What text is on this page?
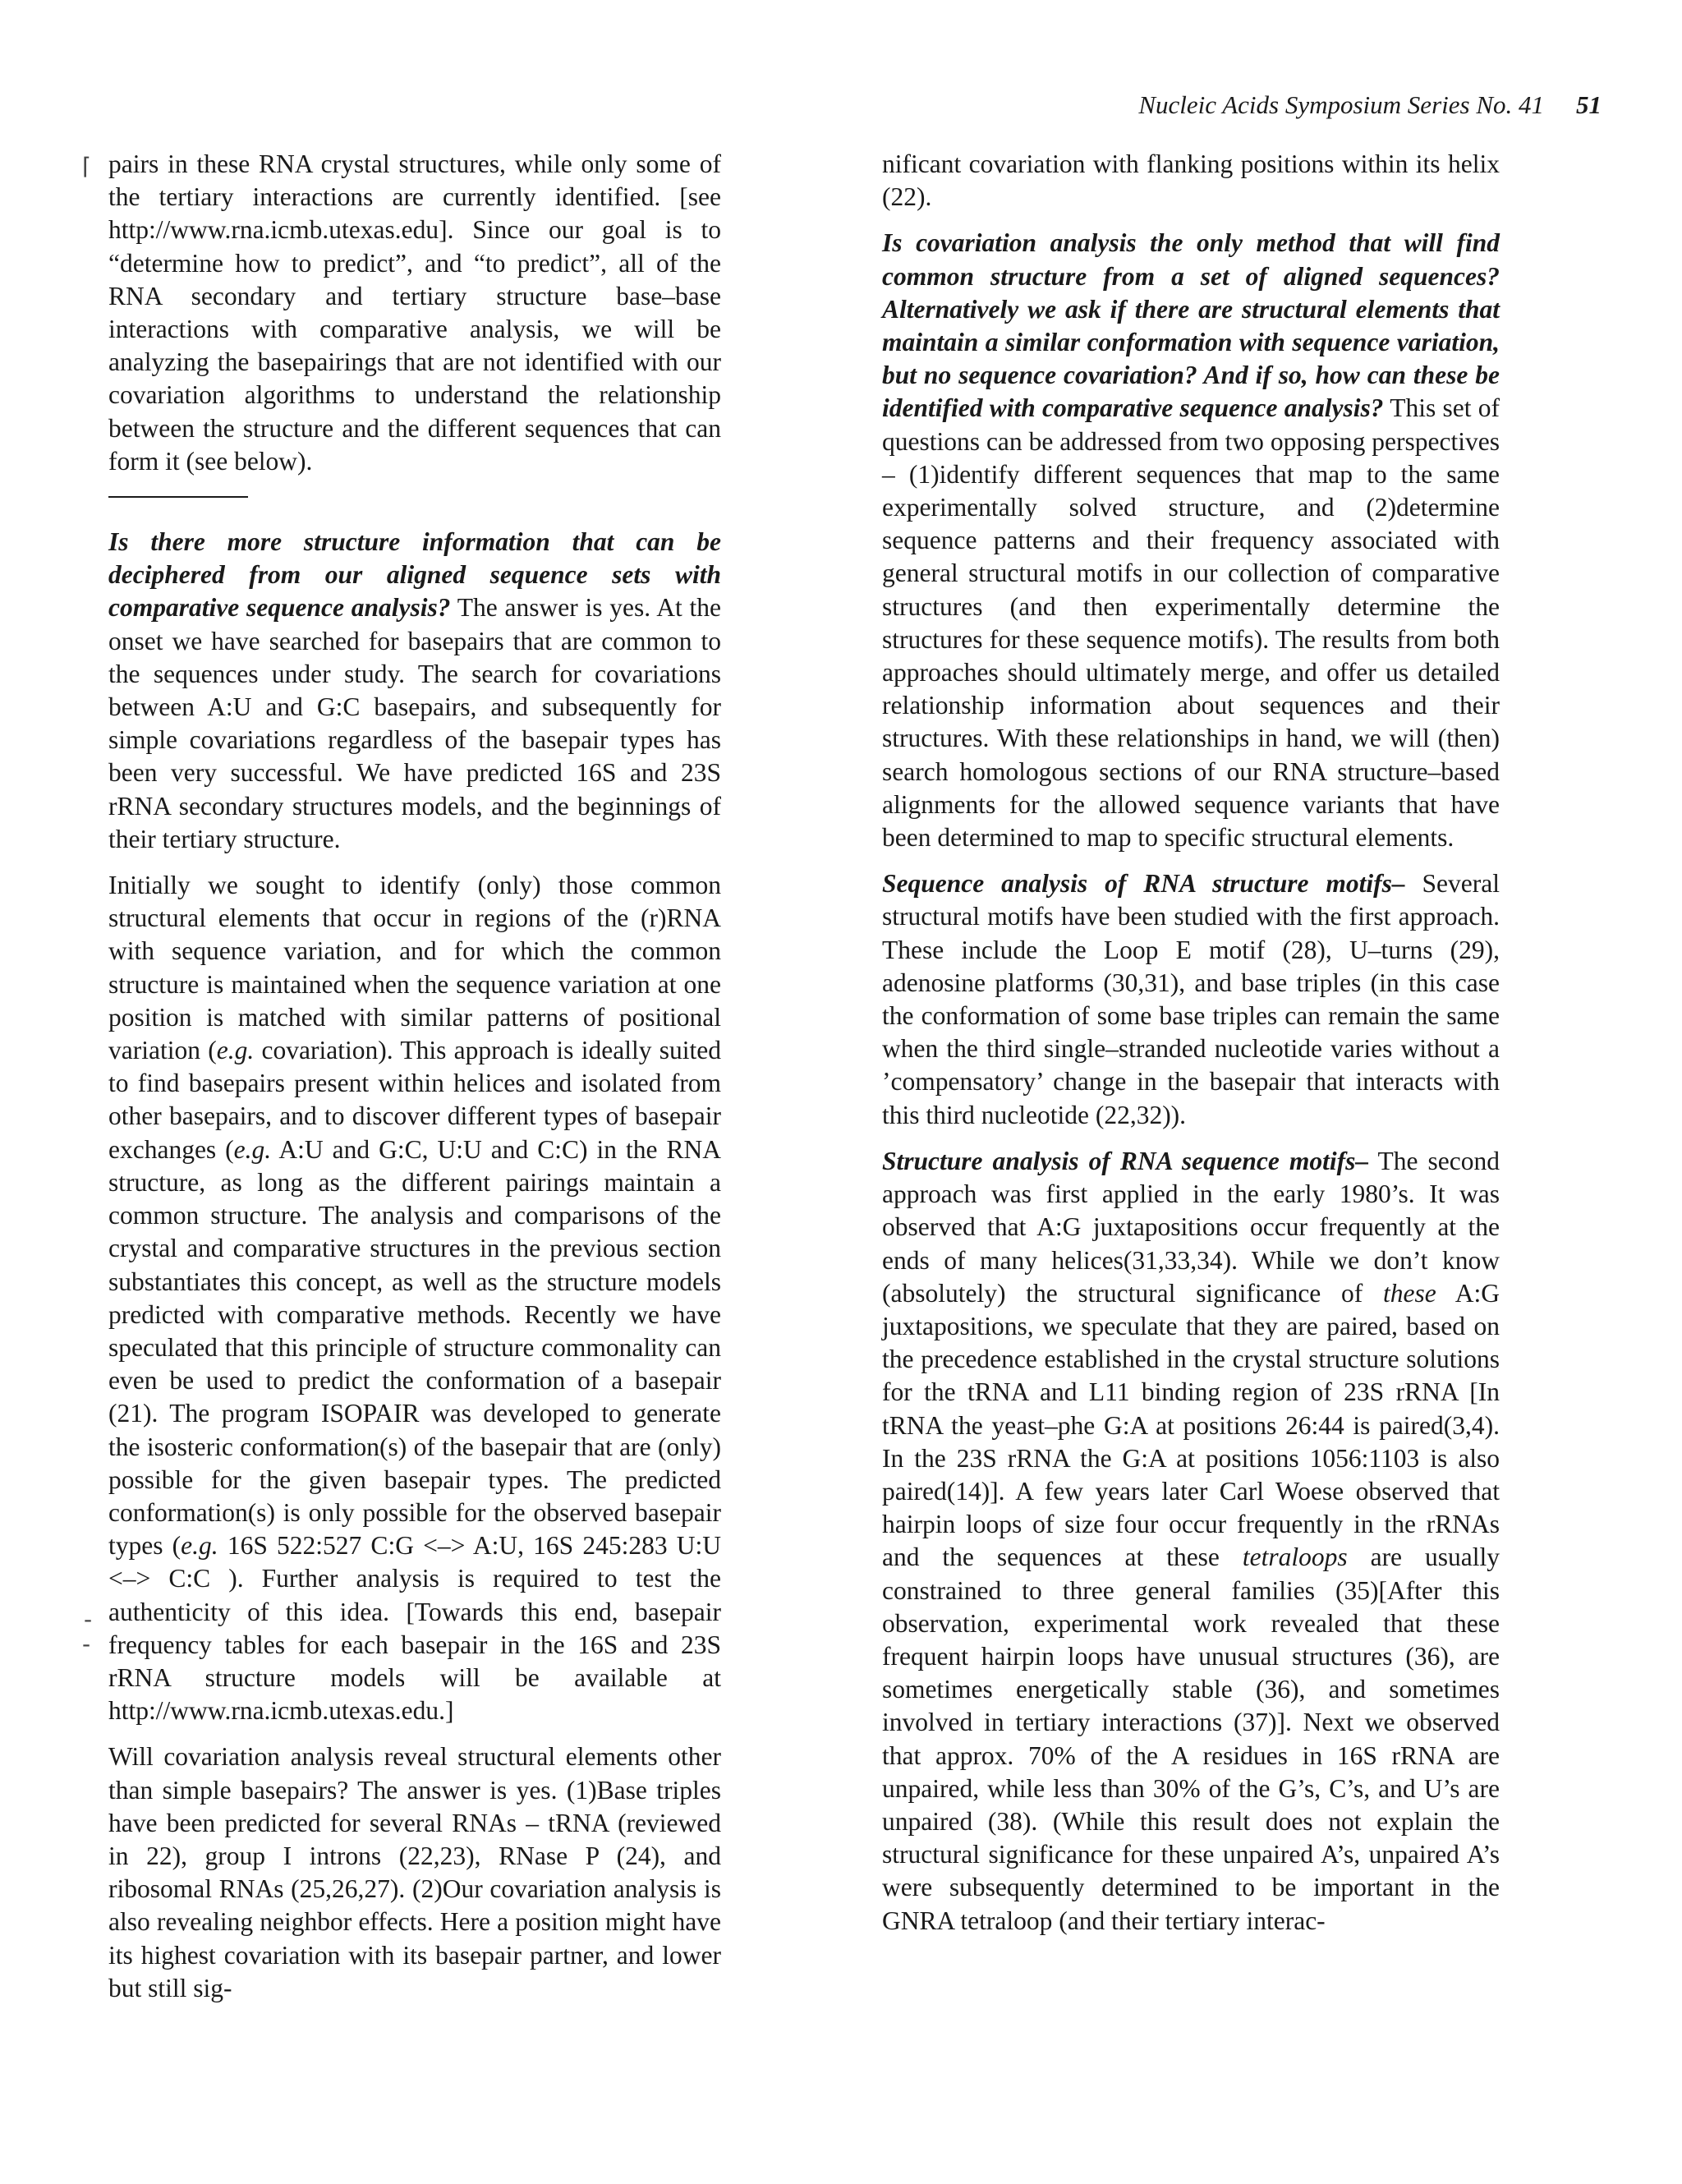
Nucleic Acids Symposium Series No. 41 51
⌈
-
-

pairs in these RNA crystal structures, while only some of the tertiary interactions are currently identified. [see http://www.rna.icmb.utexas.edu]. Since our goal is to “determine how to predict”, and “to predict”, all of the RNA secondary and tertiary structure base–base interactions with comparative analysis, we will be analyzing the basepairings that are not identified with our covariation algorithms to understand the relationship between the structure and the different sequences that can form it (see below).

Is there more structure information that can be deciphered from our aligned sequence sets with comparative sequence analysis? The answer is yes. At the onset we have searched for basepairs that are common to the sequences under study. The search for covariations between A:U and G:C basepairs, and subsequently for simple covariations regardless of the basepair types has been very successful. We have predicted 16S and 23S rRNA secondary structures models, and the beginnings of their tertiary structure.

Initially we sought to identify (only) those common structural elements that occur in regions of the (r)RNA with sequence variation, and for which the common structure is maintained when the sequence variation at one position is matched with similar patterns of positional variation (e.g. covariation). This approach is ideally suited to find basepairs present within helices and isolated from other basepairs, and to discover different types of basepair exchanges (e.g. A:U and G:C, U:U and C:C) in the RNA structure, as long as the different pairings maintain a common structure. The analysis and comparisons of the crystal and comparative structures in the previous section substantiates this concept, as well as the structure models predicted with comparative methods. Recently we have speculated that this principle of structure commonality can even be used to predict the conformation of a basepair (21). The program ISOPAIR was developed to generate the isosteric conformation(s) of the basepair that are (only) possible for the given basepair types. The predicted conformation(s) is only possible for the observed basepair types (e.g. 16S 522:527 C:G <–> A:U, 16S 245:283 U:U <–> C:C ). Further analysis is required to test the authenticity of this idea. [Towards this end, basepair frequency tables for each basepair in the 16S and 23S rRNA structure models will be available at http://www.rna.icmb.utexas.edu.]

Will covariation analysis reveal structural elements other than simple basepairs? The answer is yes. (1)Base triples have been predicted for several RNAs – tRNA (reviewed in 22), group I introns (22,23), RNase P (24), and ribosomal RNAs (25,26,27). (2)Our covariation analysis is also revealing neighbor effects. Here a position might have its highest covariation with its basepair partner, and lower but still sig-

nificant covariation with flanking positions within its helix (22).

Is covariation analysis the only method that will find common structure from a set of aligned sequences? Alternatively we ask if there are structural elements that maintain a similar conformation with sequence variation, but no sequence covariation? And if so, how can these be identified with comparative sequence analysis? This set of questions can be addressed from two opposing perspectives – (1)identify different sequences that map to the same experimentally solved structure, and (2)determine sequence patterns and their frequency associated with general structural motifs in our collection of comparative structures (and then experimentally determine the structures for these sequence motifs). The results from both approaches should ultimately merge, and offer us detailed relationship information about sequences and their structures. With these relationships in hand, we will (then) search homologous sections of our RNA structure–based alignments for the allowed sequence variants that have been determined to map to specific structural elements.

Sequence analysis of RNA structure motifs– Several structural motifs have been studied with the first approach. These include the Loop E motif (28), U–turns (29), adenosine platforms (30,31), and base triples (in this case the conformation of some base triples can remain the same when the third single–stranded nucleotide varies without a ’compensatory’ change in the basepair that interacts with this third nucleotide (22,32)).

Structure analysis of RNA sequence motifs– The second approach was first applied in the early 1980’s. It was observed that A:G juxtapositions occur frequently at the ends of many helices(31,33,34). While we don’t know (absolutely) the structural significance of these A:G juxtapositions, we speculate that they are paired, based on the precedence established in the crystal structure solutions for the tRNA and L11 binding region of 23S rRNA [In tRNA the yeast–phe G:A at positions 26:44 is paired(3,4). In the 23S rRNA the G:A at positions 1056:1103 is also paired(14)]. A few years later Carl Woese observed that hairpin loops of size four occur frequently in the rRNAs and the sequences at these tetraloops are usually constrained to three general families (35)[After this observation, experimental work revealed that these frequent hairpin loops have unusual structures (36), are sometimes energetically stable (36), and sometimes involved in tertiary interactions (37)]. Next we observed that approx. 70% of the A residues in 16S rRNA are unpaired, while less than 30% of the G’s, C’s, and U’s are unpaired (38). (While this result does not explain the structural significance for these unpaired A’s, unpaired A’s were subsequently determined to be important in the GNRA tetraloop (and their tertiary interac-
